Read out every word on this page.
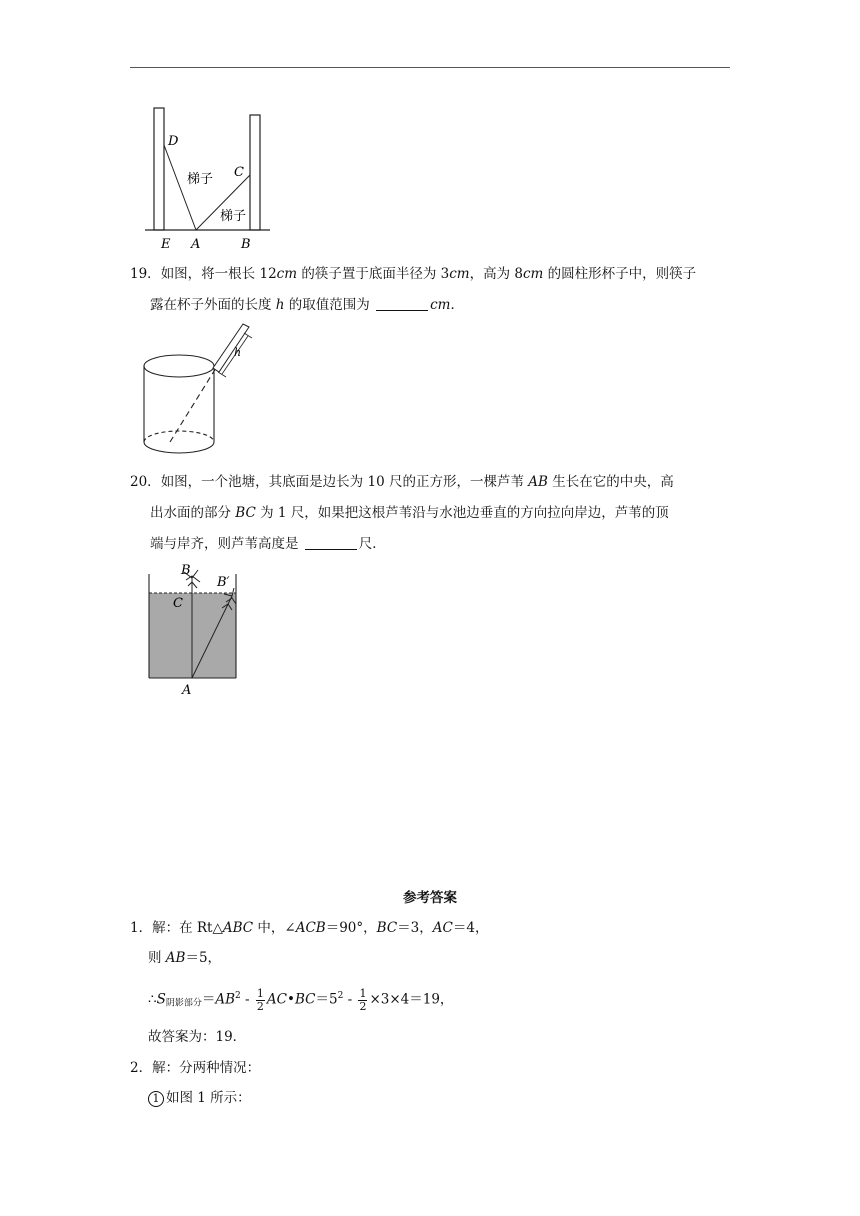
D
C
E A	B
梯子
梯子
19．如图，将一根长 12cm 的筷子置于底面半径为 3cm，高为 8cm 的圆柱形杯子中，则筷子
露在杯子外面的长度 h 的取值范围为	cm．
h
20．如图，一个池塘，其底面是边长为 10 尺的正方形，一棵芦苇 AB 生长在它的中央，高
出水面的部分 BC 为 1 尺，如果把这根芦苇沿与水池边垂直的方向拉向岸边，芦苇的顶
端与岸齐，则芦苇高度是	尺．
B
B′
C
A
参考答案
1．解：在 Rt△ABC 中，∠ACB＝90°，BC＝3，AC＝4，
则 AB＝5，
$\therefore S_{阴影部分}=AB^2 - \frac{1}{2}$ $AC•BC=5^2 - \frac{1}{2} \times 3\times 4=19$，
故答案为：19．
2．解：分两种情况：
1 如图 1 所示：
